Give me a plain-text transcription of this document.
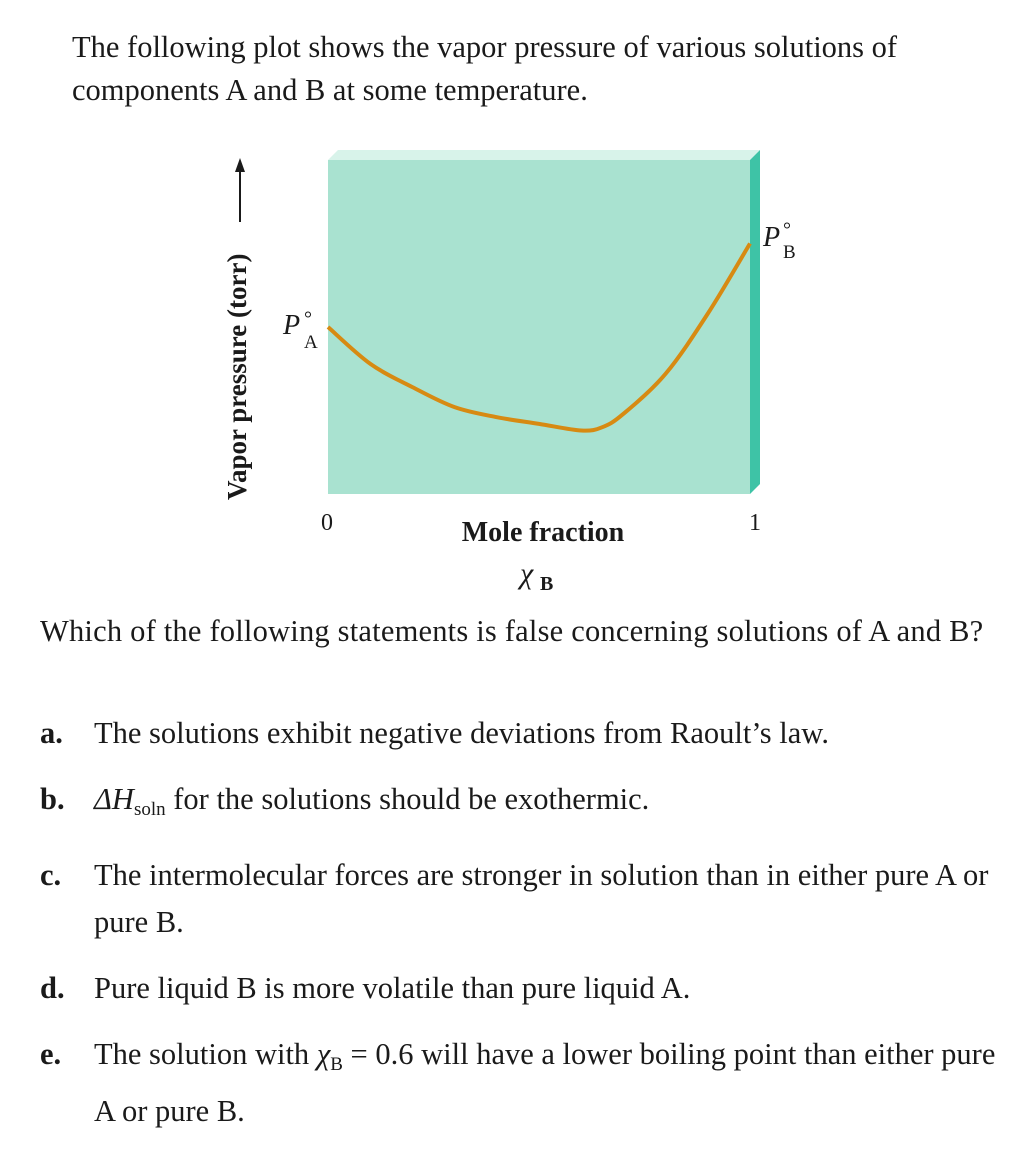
The following plot shows the vapor pressure of various solutions of components A and B at some temperature.

Vapor pressure (torr) P °
A
P °
B
0	1
Mole fraction
χ B

Which of the following statements is false concerning solutions of A and B?

a. The solutions exhibit negative deviations from Raoult’s law.
b. $\Delta H_{soln}$ for the solutions should be exothermic.
c. The intermolecular forces are stronger in solution than in either pure A or pure B.
d. Pure liquid B is more volatile than pure liquid A.
e. The solution with $\chi_B = 0.6$ will have a lower boiling point than either pure A or pure B.
